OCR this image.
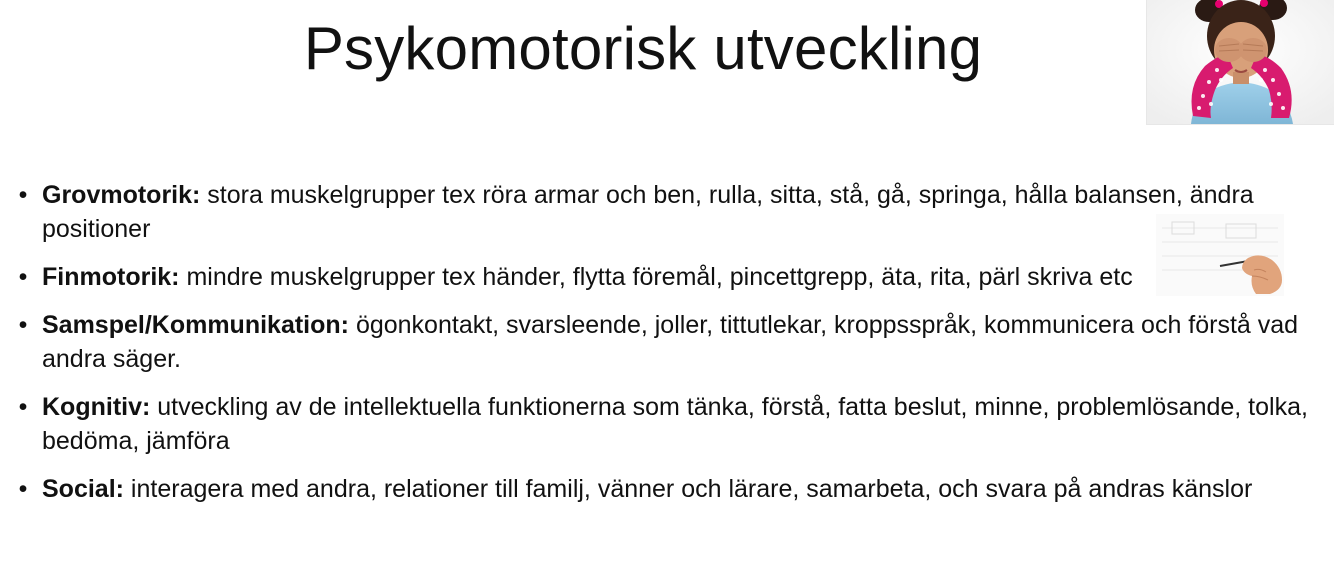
Psykomotorisk utveckling
• Grovmotorik: stora muskelgrupper tex röra armar och ben, rulla, sitta, stå, gå, springa, hålla balansen, ändra positioner
• Finmotorik: mindre muskelgrupper tex händer, flytta föremål, pincettgrepp, äta, rita, pärl skriva etc
• Samspel/Kommunikation: ögonkontakt, svarsleende, joller, tittutlekar, kroppsspråk, kommunicera och förstå vad andra säger.
• Kognitiv: utveckling av de intellektuella funktionerna som tänka, förstå, fatta beslut, minne, problemlösande, tolka, bedöma, jämföra
• Social: interagera med andra, relationer till familj, vänner och lärare, samarbeta, och svara på andras känslor
